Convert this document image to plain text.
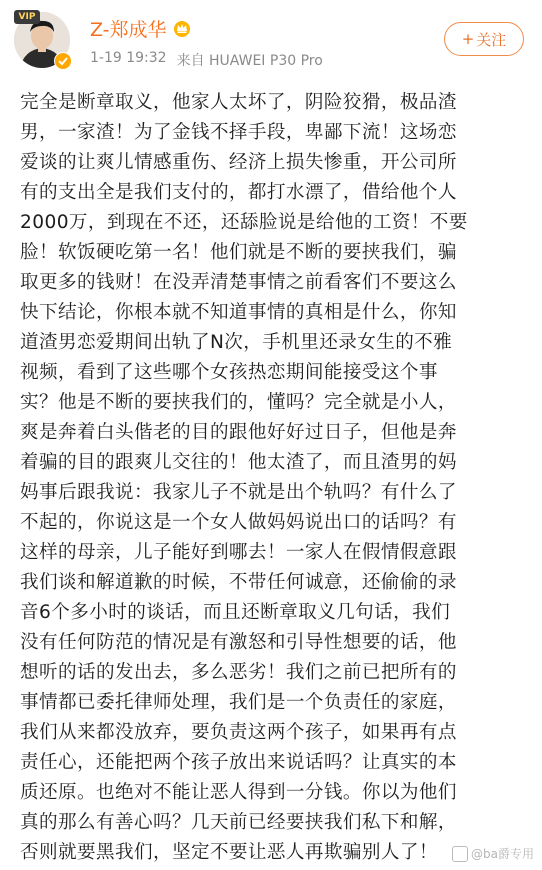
VIP
Z-郑成华
1-19 19:32 来自 HUAWEI P30 Pro
+ 关注
完全是断章取义，他家人太坏了，阴险狡猾，极品渣
男，一家渣！为了金钱不择手段，卑鄙下流！这场恋
爱谈的让爽儿情感重伤、经济上损失惨重，开公司所
有的支出全是我们支付的，都打水漂了，借给他个人
2000万，到现在不还，还舔脸说是给他的工资！不要
脸！软饭硬吃第一名！他们就是不断的要挟我们，骗
取更多的钱财！在没弄清楚事情之前看客们不要这么
快下结论，你根本就不知道事情的真相是什么，你知
道渣男恋爱期间出轨了N次，手机里还录女生的不雅
视频，看到了这些哪个女孩热恋期间能接受这个事
实？他是不断的要挟我们的，懂吗？完全就是小人，
爽是奔着白头偕老的目的跟他好好过日子，但他是奔
着骗的目的跟爽儿交往的！他太渣了，而且渣男的妈
妈事后跟我说：我家儿子不就是出个轨吗？有什么了
不起的，你说这是一个女人做妈妈说出口的话吗？有
这样的母亲，儿子能好到哪去！一家人在假情假意跟
我们谈和解道歉的时候，不带任何诚意，还偷偷的录
音6个多小时的谈话，而且还断章取义几句话，我们
没有任何防范的情况是有激怒和引导性想要的话，他
想听的话的发出去，多么恶劣！我们之前已把所有的
事情都已委托律师处理，我们是一个负责任的家庭，
我们从来都没放弃，要负责这两个孩子，如果再有点
责任心，还能把两个孩子放出来说话吗？让真实的本
质还原。也绝对不能让恶人得到一分钱。你以为他们
真的那么有善心吗？几天前已经要挟我们私下和解，
否则就要黑我们，坚定不要让恶人再欺骗别人了！	@ba爵专用
